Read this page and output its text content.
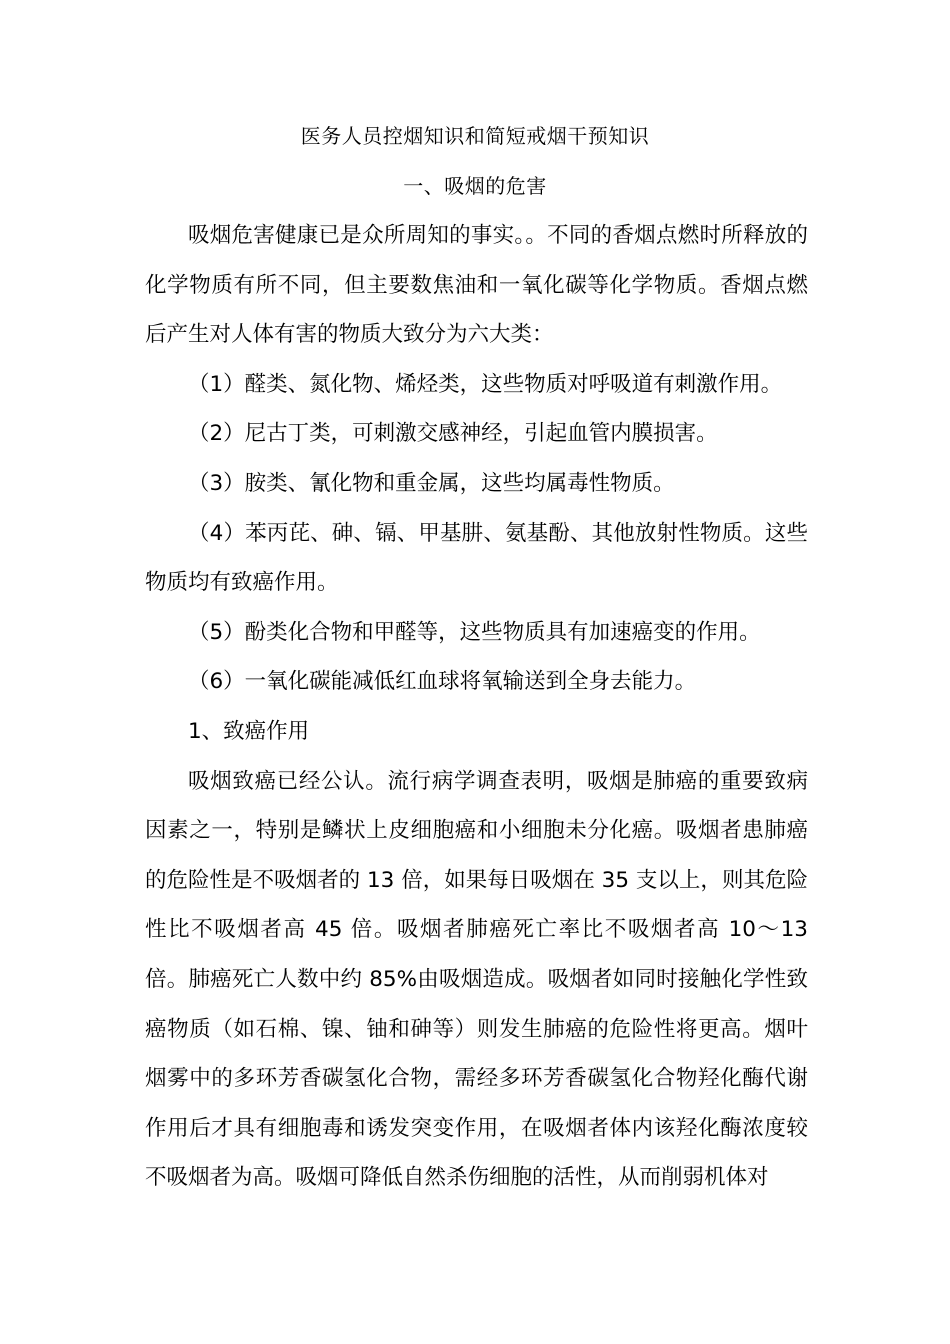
医务人员控烟知识和简短戒烟干预知识
一、吸烟的危害

吸烟危害健康已是众所周知的事实。。不同的香烟点燃时所释放的化学物质有所不同，但主要数焦油和一氧化碳等化学物质。香烟点燃后产生对人体有害的物质大致分为六大类：

（1）醛类、氮化物、烯烃类，这些物质对呼吸道有刺激作用。

（2）尼古丁类，可刺激交感神经，引起血管内膜损害。

（3）胺类、氰化物和重金属，这些均属毒性物质。

（4）苯丙芘、砷、镉、甲基肼、氨基酚、其他放射性物质。这些物质均有致癌作用。

（5）酚类化合物和甲醛等，这些物质具有加速癌变的作用。

（6）一氧化碳能减低红血球将氧输送到全身去能力。

1、致癌作用

吸烟致癌已经公认。流行病学调查表明，吸烟是肺癌的重要致病因素之一，特别是鳞状上皮细胞癌和小细胞未分化癌。吸烟者患肺癌的危险性是不吸烟者的 13 倍，如果每日吸烟在 35 支以上，则其危险性比不吸烟者高 45 倍。吸烟者肺癌死亡率比不吸烟者高 10～13 倍。肺癌死亡人数中约 85%由吸烟造成。吸烟者如同时接触化学性致癌物质（如石棉、镍、铀和砷等）则发生肺癌的危险性将更高。烟叶烟雾中的多环芳香碳氢化合物，需经多环芳香碳氢化合物羟化酶代谢作用后才具有细胞毒和诱发突变作用，在吸烟者体内该羟化酶浓度较不吸烟者为高。吸烟可降低自然杀伤细胞的活性，从而削弱机体对
